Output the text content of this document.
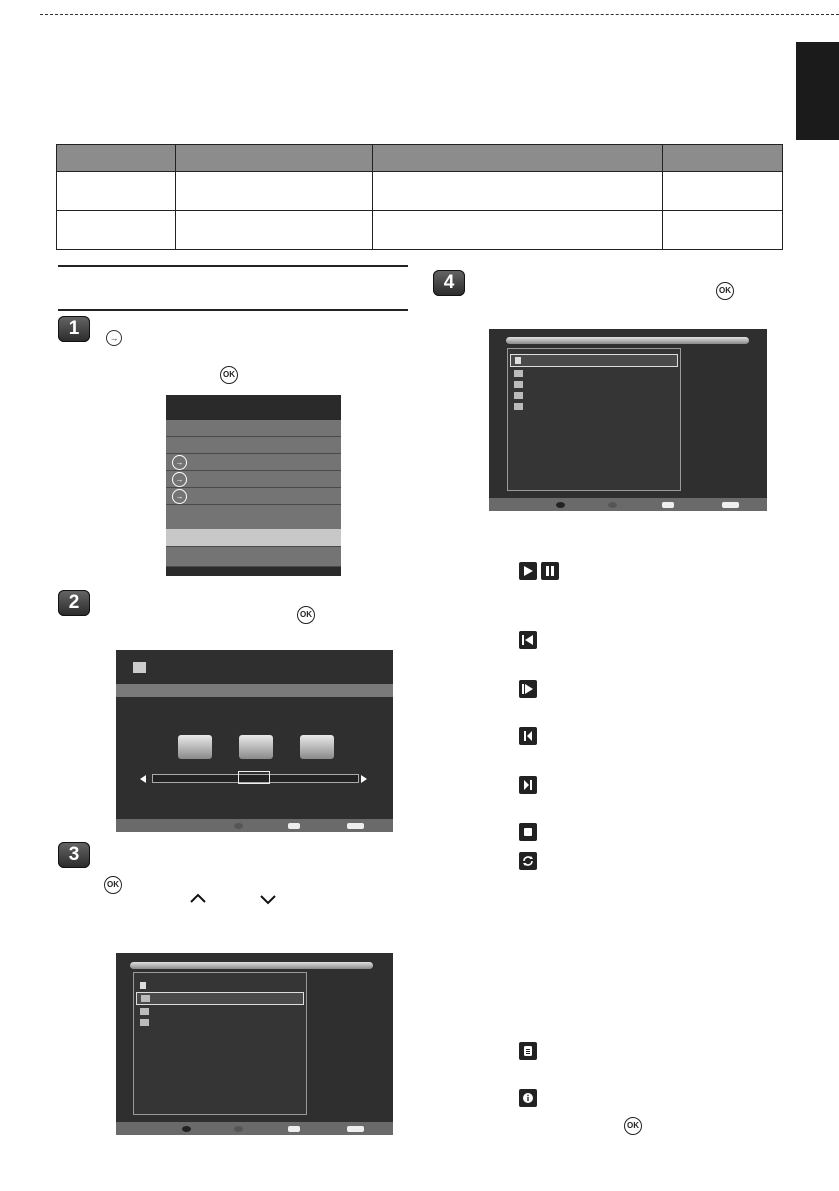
1	→
OK
→
→
→
2
OK
3
OK
4	OK
OK
